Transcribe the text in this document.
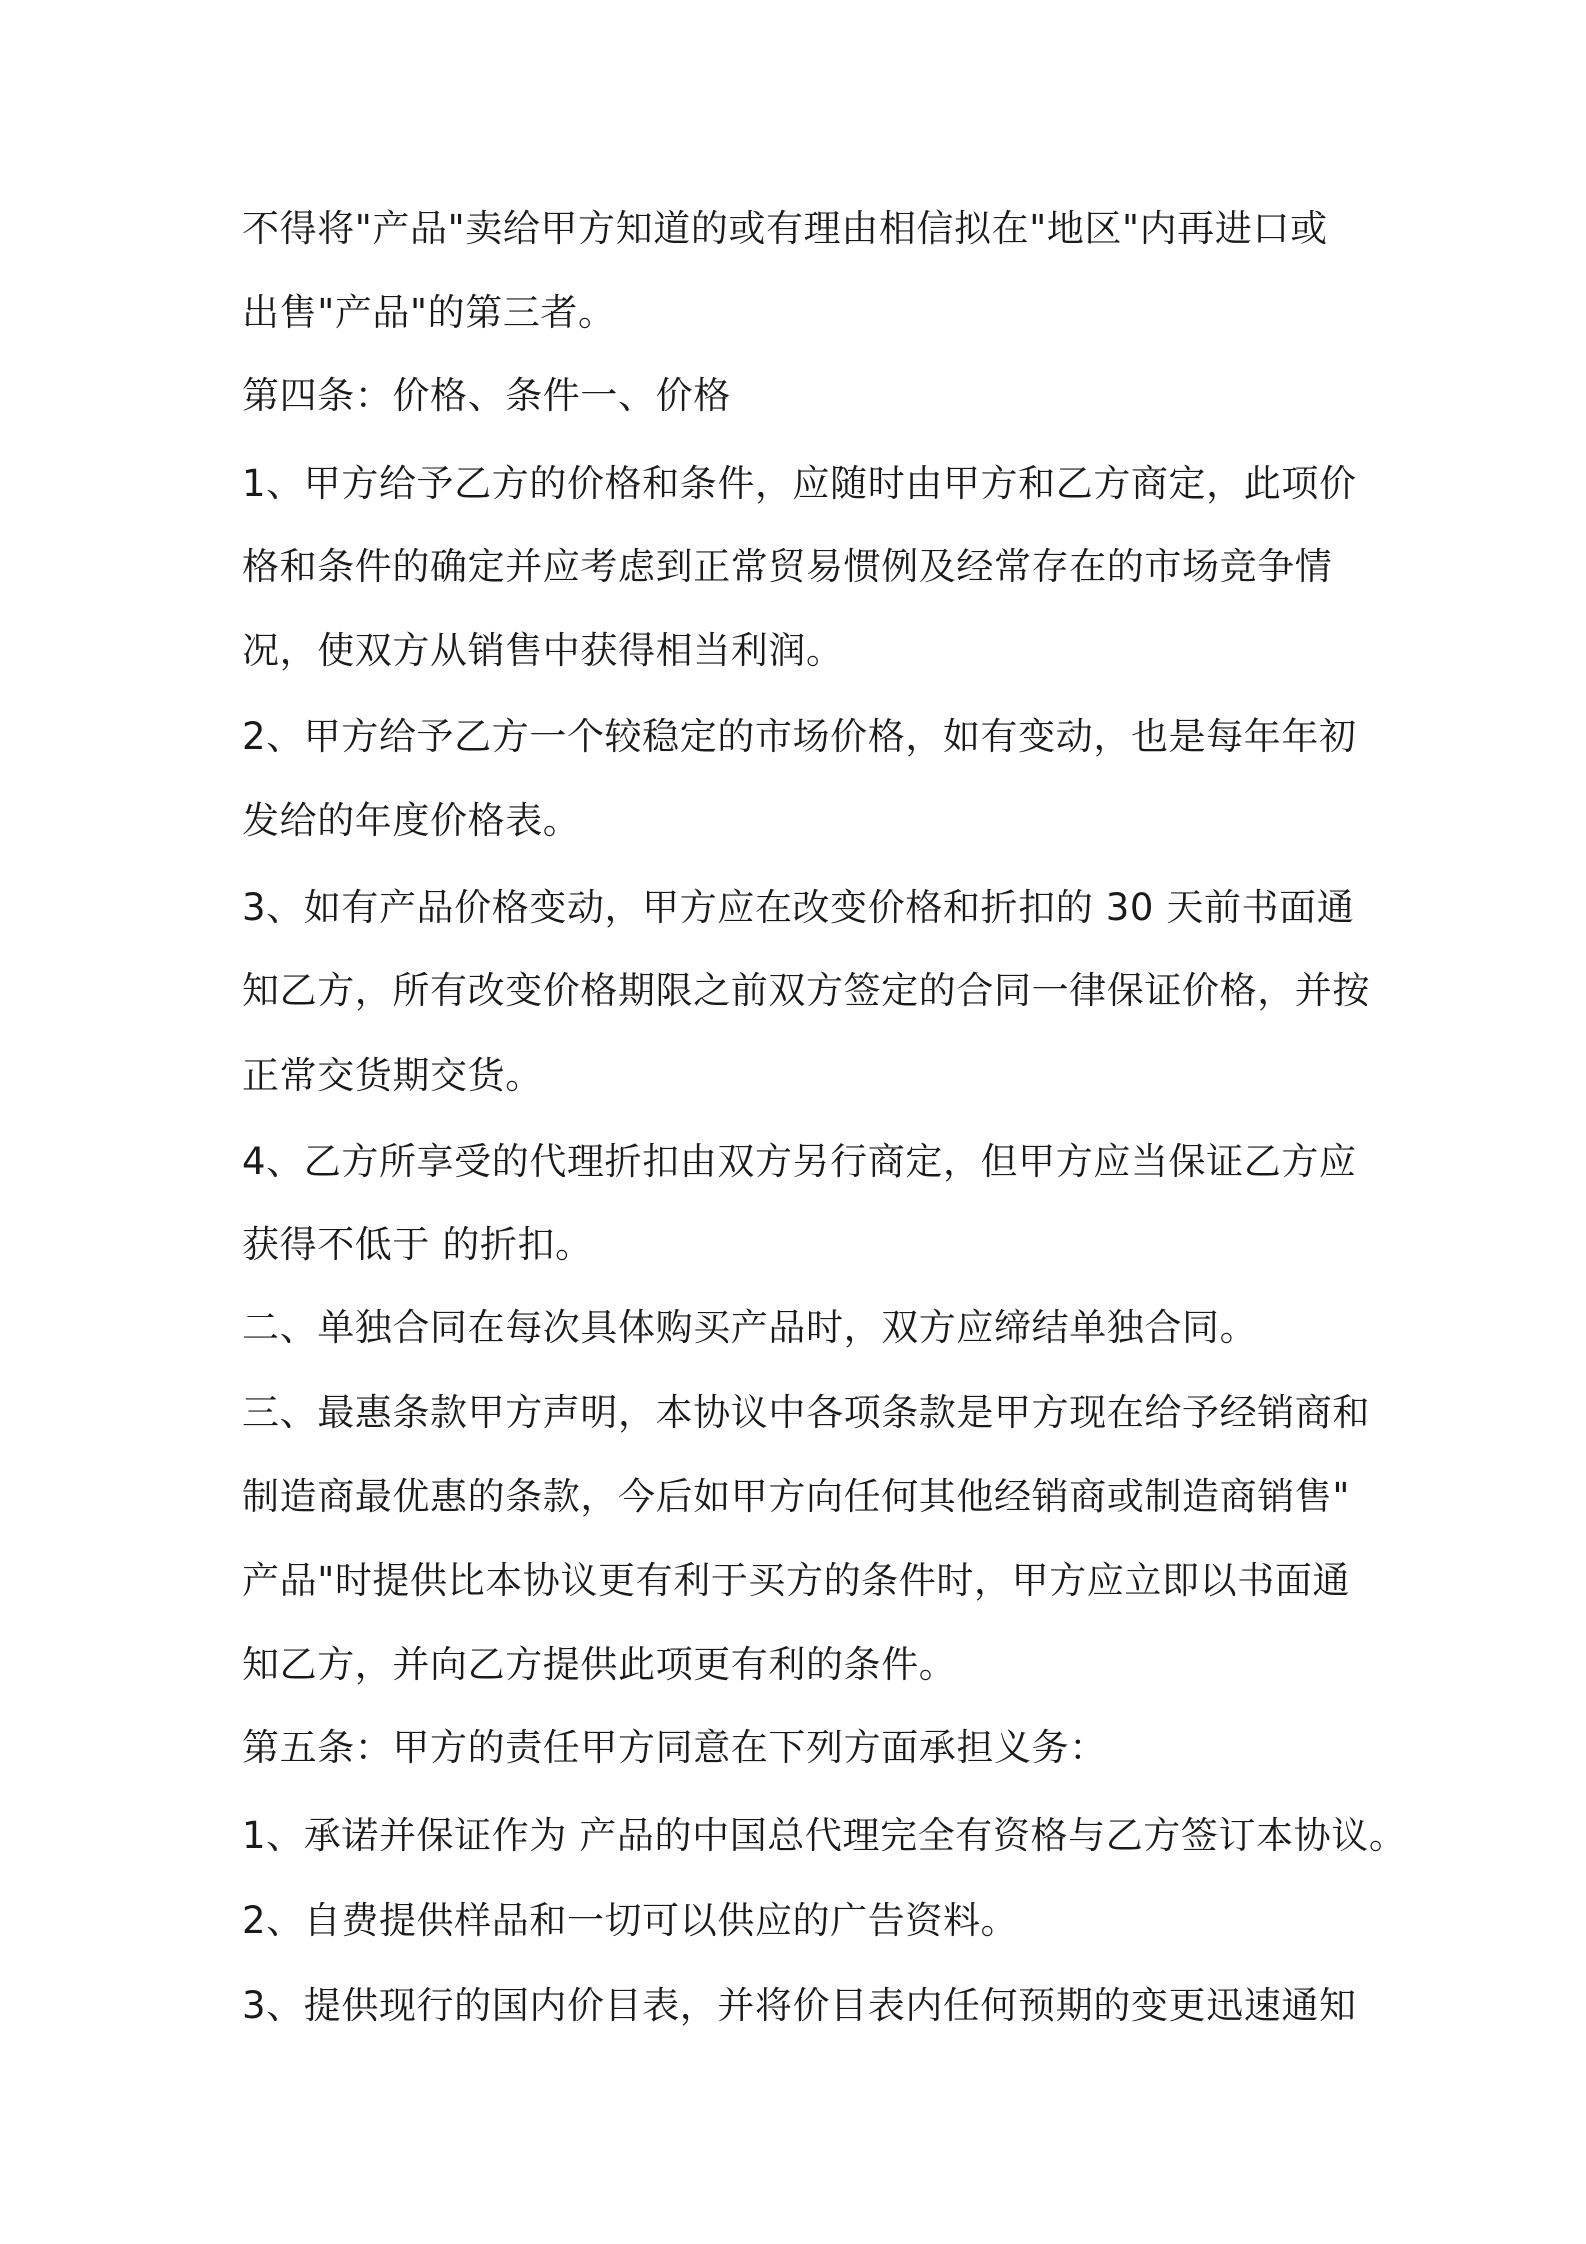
不得将"产品"卖给甲方知道的或有理由相信拟在"地区"内再进口或

出售"产品"的第三者。

第四条：价格、条件一、价格

1、甲方给予乙方的价格和条件，应随时由甲方和乙方商定，此项价

格和条件的确定并应考虑到正常贸易惯例及经常存在的市场竞争情

况，使双方从销售中获得相当利润。

2、甲方给予乙方一个较稳定的市场价格，如有变动，也是每年年初

发给的年度价格表。

3、如有产品价格变动，甲方应在改变价格和折扣的 30 天前书面通

知乙方，所有改变价格期限之前双方签定的合同一律保证价格，并按

正常交货期交货。

4、乙方所享受的代理折扣由双方另行商定，但甲方应当保证乙方应

获得不低于 的折扣。

二、单独合同在每次具体购买产品时，双方应缔结单独合同。

三、最惠条款甲方声明，本协议中各项条款是甲方现在给予经销商和

制造商最优惠的条款，今后如甲方向任何其他经销商或制造商销售"

产品"时提供比本协议更有利于买方的条件时，甲方应立即以书面通

知乙方，并向乙方提供此项更有利的条件。

第五条：甲方的责任甲方同意在下列方面承担义务：

1、承诺并保证作为 产品的中国总代理完全有资格与乙方签订本协议。

2、自费提供样品和一切可以供应的广告资料。

3、提供现行的国内价目表，并将价目表内任何预期的变更迅速通知
